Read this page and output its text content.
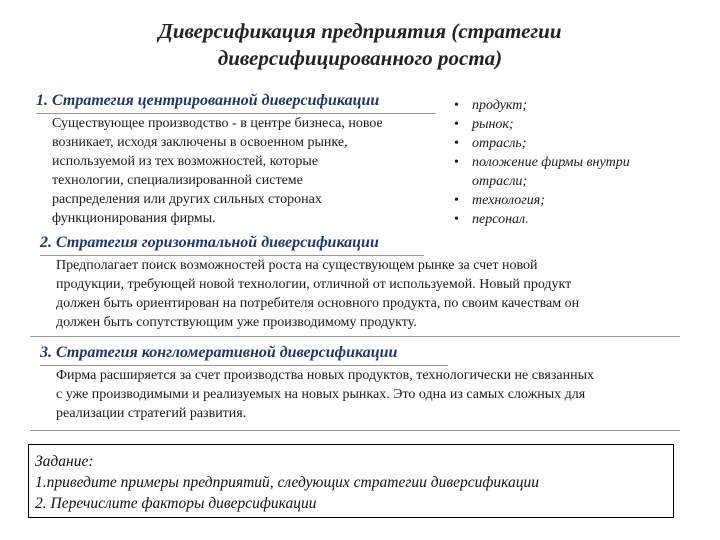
Диверсификация предприятия (стратегии
диверсифицированного роста)
1. Стратегия центрированной диверсификации
Существующее производство - в центре бизнеса, новое
возникает, исходя заключены в освоенном рынке,
используемой из тех возможностей, которые
технологии, специализированной системе
распределения или других сильных сторонах
функционирования фирмы.
• продукт;
• рынок;
• отрасль;
• положение фирмы внутри отрасли;
• технология;
• персонал.
2. Стратегия горизонтальной диверсификации
Предполагает поиск возможностей роста на существующем рынке за счет новой
продукции, требующей новой технологии, отличной от используемой. Новый продукт
должен быть ориентирован на потребителя основного продукта, по своим качествам он
должен быть сопутствующим уже производимому продукту.
3. Стратегия конгломеративной диверсификации
Фирма расширяется за счет производства новых продуктов, технологически не связанных
с уже производимыми и реализуемых на новых рынках. Это одна из самых сложных для
реализации стратегий развития.
Задание:
1.приведите примеры предприятий, следующих стратегии диверсификации
2. Перечислите факторы диверсификации
